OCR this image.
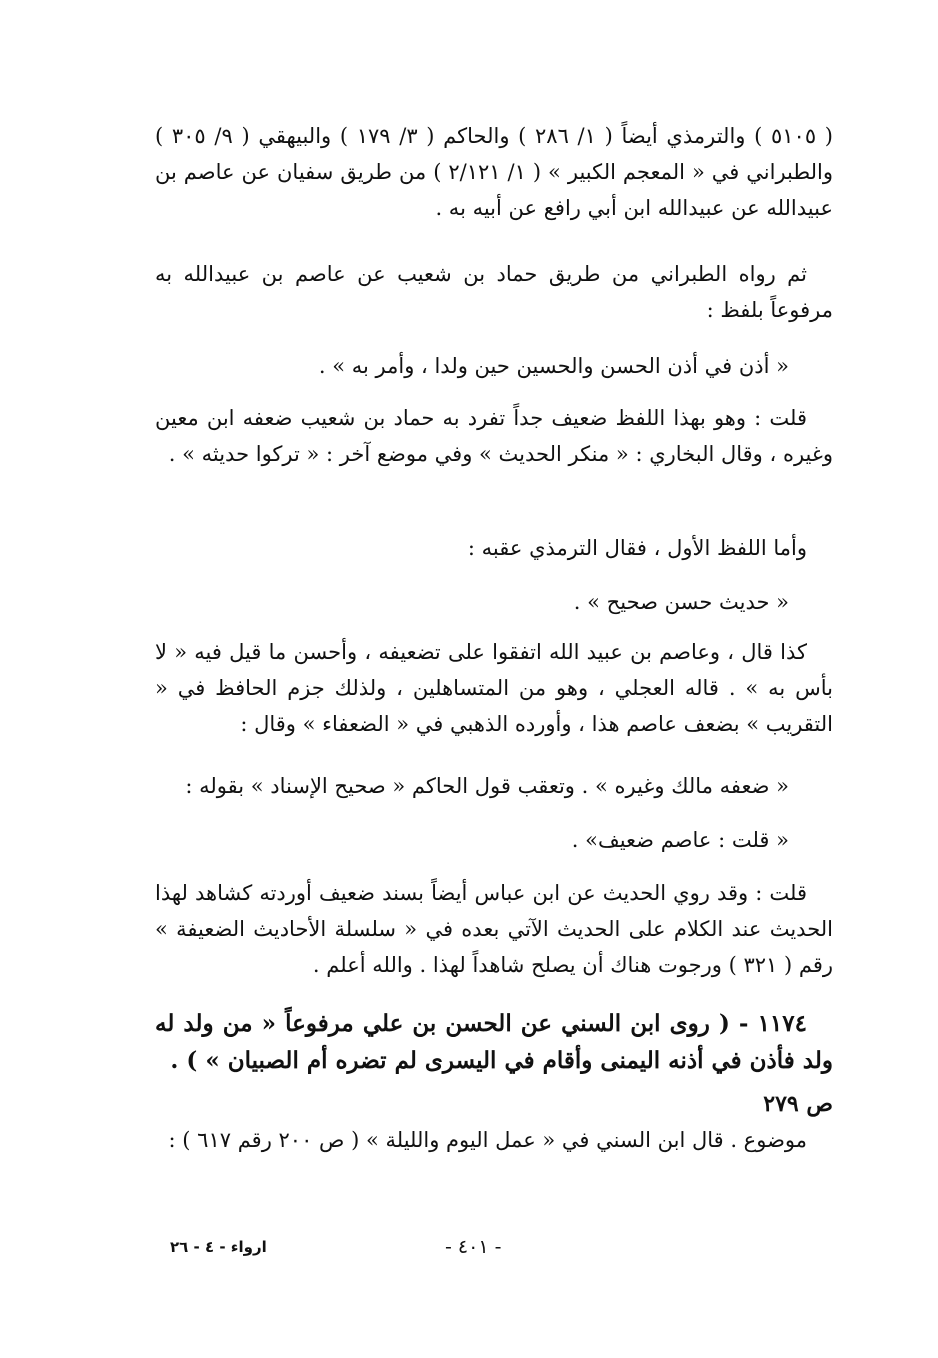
( ٥١٠٥ ) والترمذي أيضاً ( ١/ ٢٨٦ ) والحاكم ( ٣/ ١٧٩ ) والبيهقي ( ٩/ ٣٠٥ ) والطبراني في « المعجم الكبير » ( ١/ ٢/١٢١ ) من طريق سفيان عن عاصم بن عبيدالله عن عبيدالله ابن أبي رافع عن أبيه به .

ثم رواه الطبراني من طريق حماد بن شعيب عن عاصم بن عبيدالله به مرفوعاً بلفظ :

« أذن في أذن الحسن والحسين حين ولدا ، وأمر به » .

قلت : وهو بهذا اللفظ ضعيف جداً تفرد به حماد بن شعيب ضعفه ابن معين وغيره ، وقال البخاري : « منكر الحديث » وفي موضع آخر : « تركوا حديثه » .

وأما اللفظ الأول ، فقال الترمذي عقبه :

« حديث حسن صحيح » .

كذا قال ، وعاصم بن عبيد الله اتفقوا على تضعيفه ، وأحسن ما قيل فيه « لا بأس به » . قاله العجلي ، وهو من المتساهلين ، ولذلك جزم الحافظ في « التقريب » بضعف عاصم هذا ، وأورده الذهبي في « الضعفاء » وقال :

« ضعفه مالك وغيره » . وتعقب قول الحاكم « صحيح الإسناد » بقوله :

« قلت : عاصم ضعيف» .

قلت : وقد روي الحديث عن ابن عباس أيضاً بسند ضعيف أوردته كشاهد لهذا الحديث عند الكلام على الحديث الآتي بعده في « سلسلة الأحاديث الضعيفة » رقم ( ٣٢١ ) ورجوت هناك أن يصلح شاهداً لهذا . والله أعلم .

١١٧٤ - ( روى ابن السني عن الحسن بن علي مرفوعاً « من ولد له ولد فأذن في أذنه اليمنى وأقام في اليسرى لم تضره أم الصبيان » ) .

ص ٢٧٩

موضوع . قال ابن السني في « عمل اليوم والليلة » ( ص ٢٠٠ رقم ٦١٧ ) :

ارواء - ٤ - ٢٦	- ٤٠١ -
